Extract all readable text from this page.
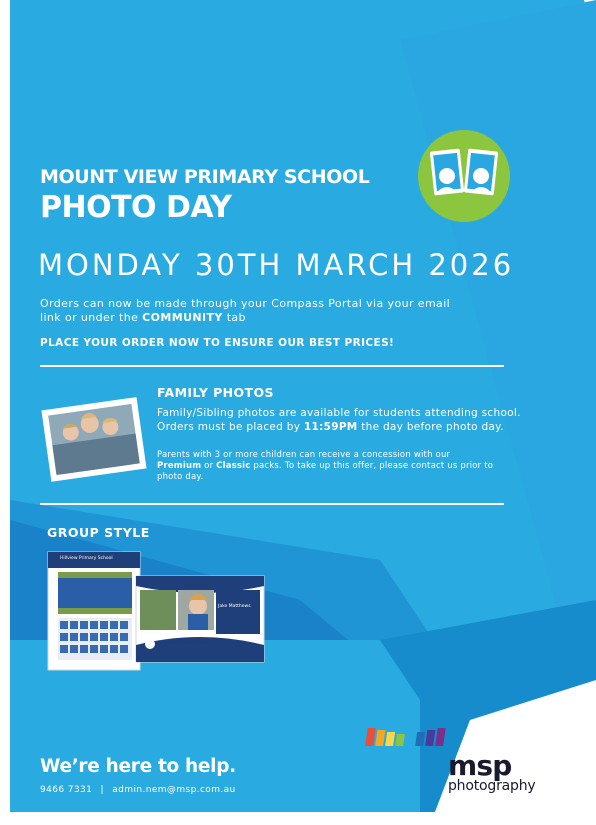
MOUNT VIEW PRIMARY SCHOOL
PHOTO DAY
MONDAY 30TH MARCH 2026
Orders can now be made through your Compass Portal via your email link or under the COMMUNITY tab
PLACE YOUR ORDER NOW TO ENSURE OUR BEST PRICES!
FAMILY PHOTOS
Family/Sibling photos are available for students attending school. Orders must be placed by 11:59PM the day before photo day.
Parents with 3 or more children can receive a concession with our Premium or Classic packs. To take up this offer, please contact us prior to photo day.
GROUP STYLE
Hillview Primary School
Jake Matthews
Hillview Primary School
We’re here to help.
9466 7331 | admin.nem@msp.com.au
msp
photography
